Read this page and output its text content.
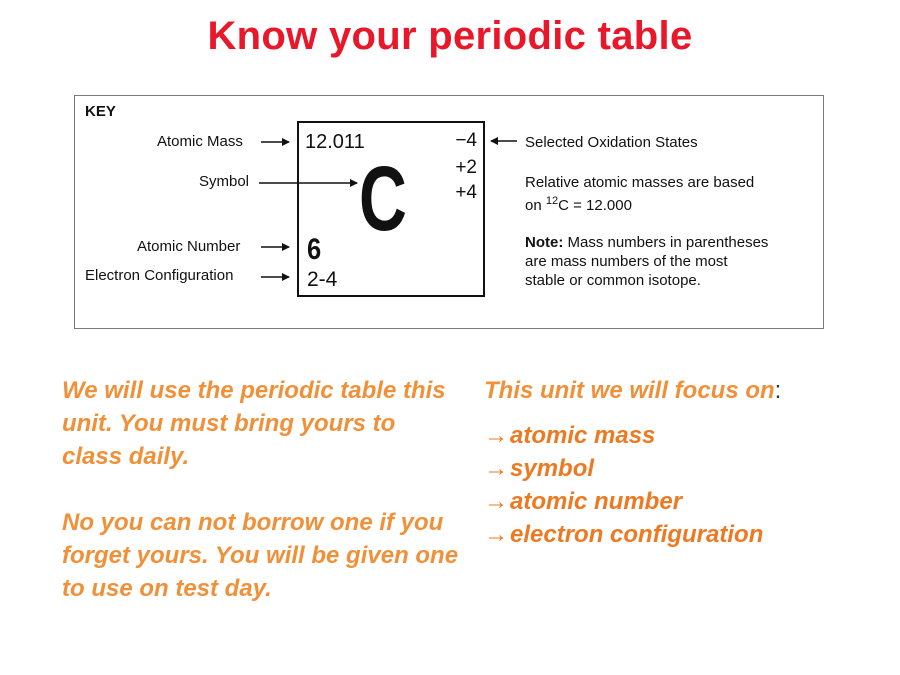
Know your periodic table
KEY
Atomic Mass
Symbol
Atomic Number
Electron Configuration
12.011
C
−4
+2
+4
6
2-4
Selected Oxidation States
Relative atomic masses are based
on $^{12}$C = 12.000
Note: Mass numbers in parentheses
are mass numbers of the most
stable or common isotope.

We will use the periodic table this unit. You must bring yours to class daily.

No you can not borrow one if you forget yours. You will be given one to use on test day.

This unit we will focus on:
→atomic mass
→symbol
→atomic number
→electron configuration
